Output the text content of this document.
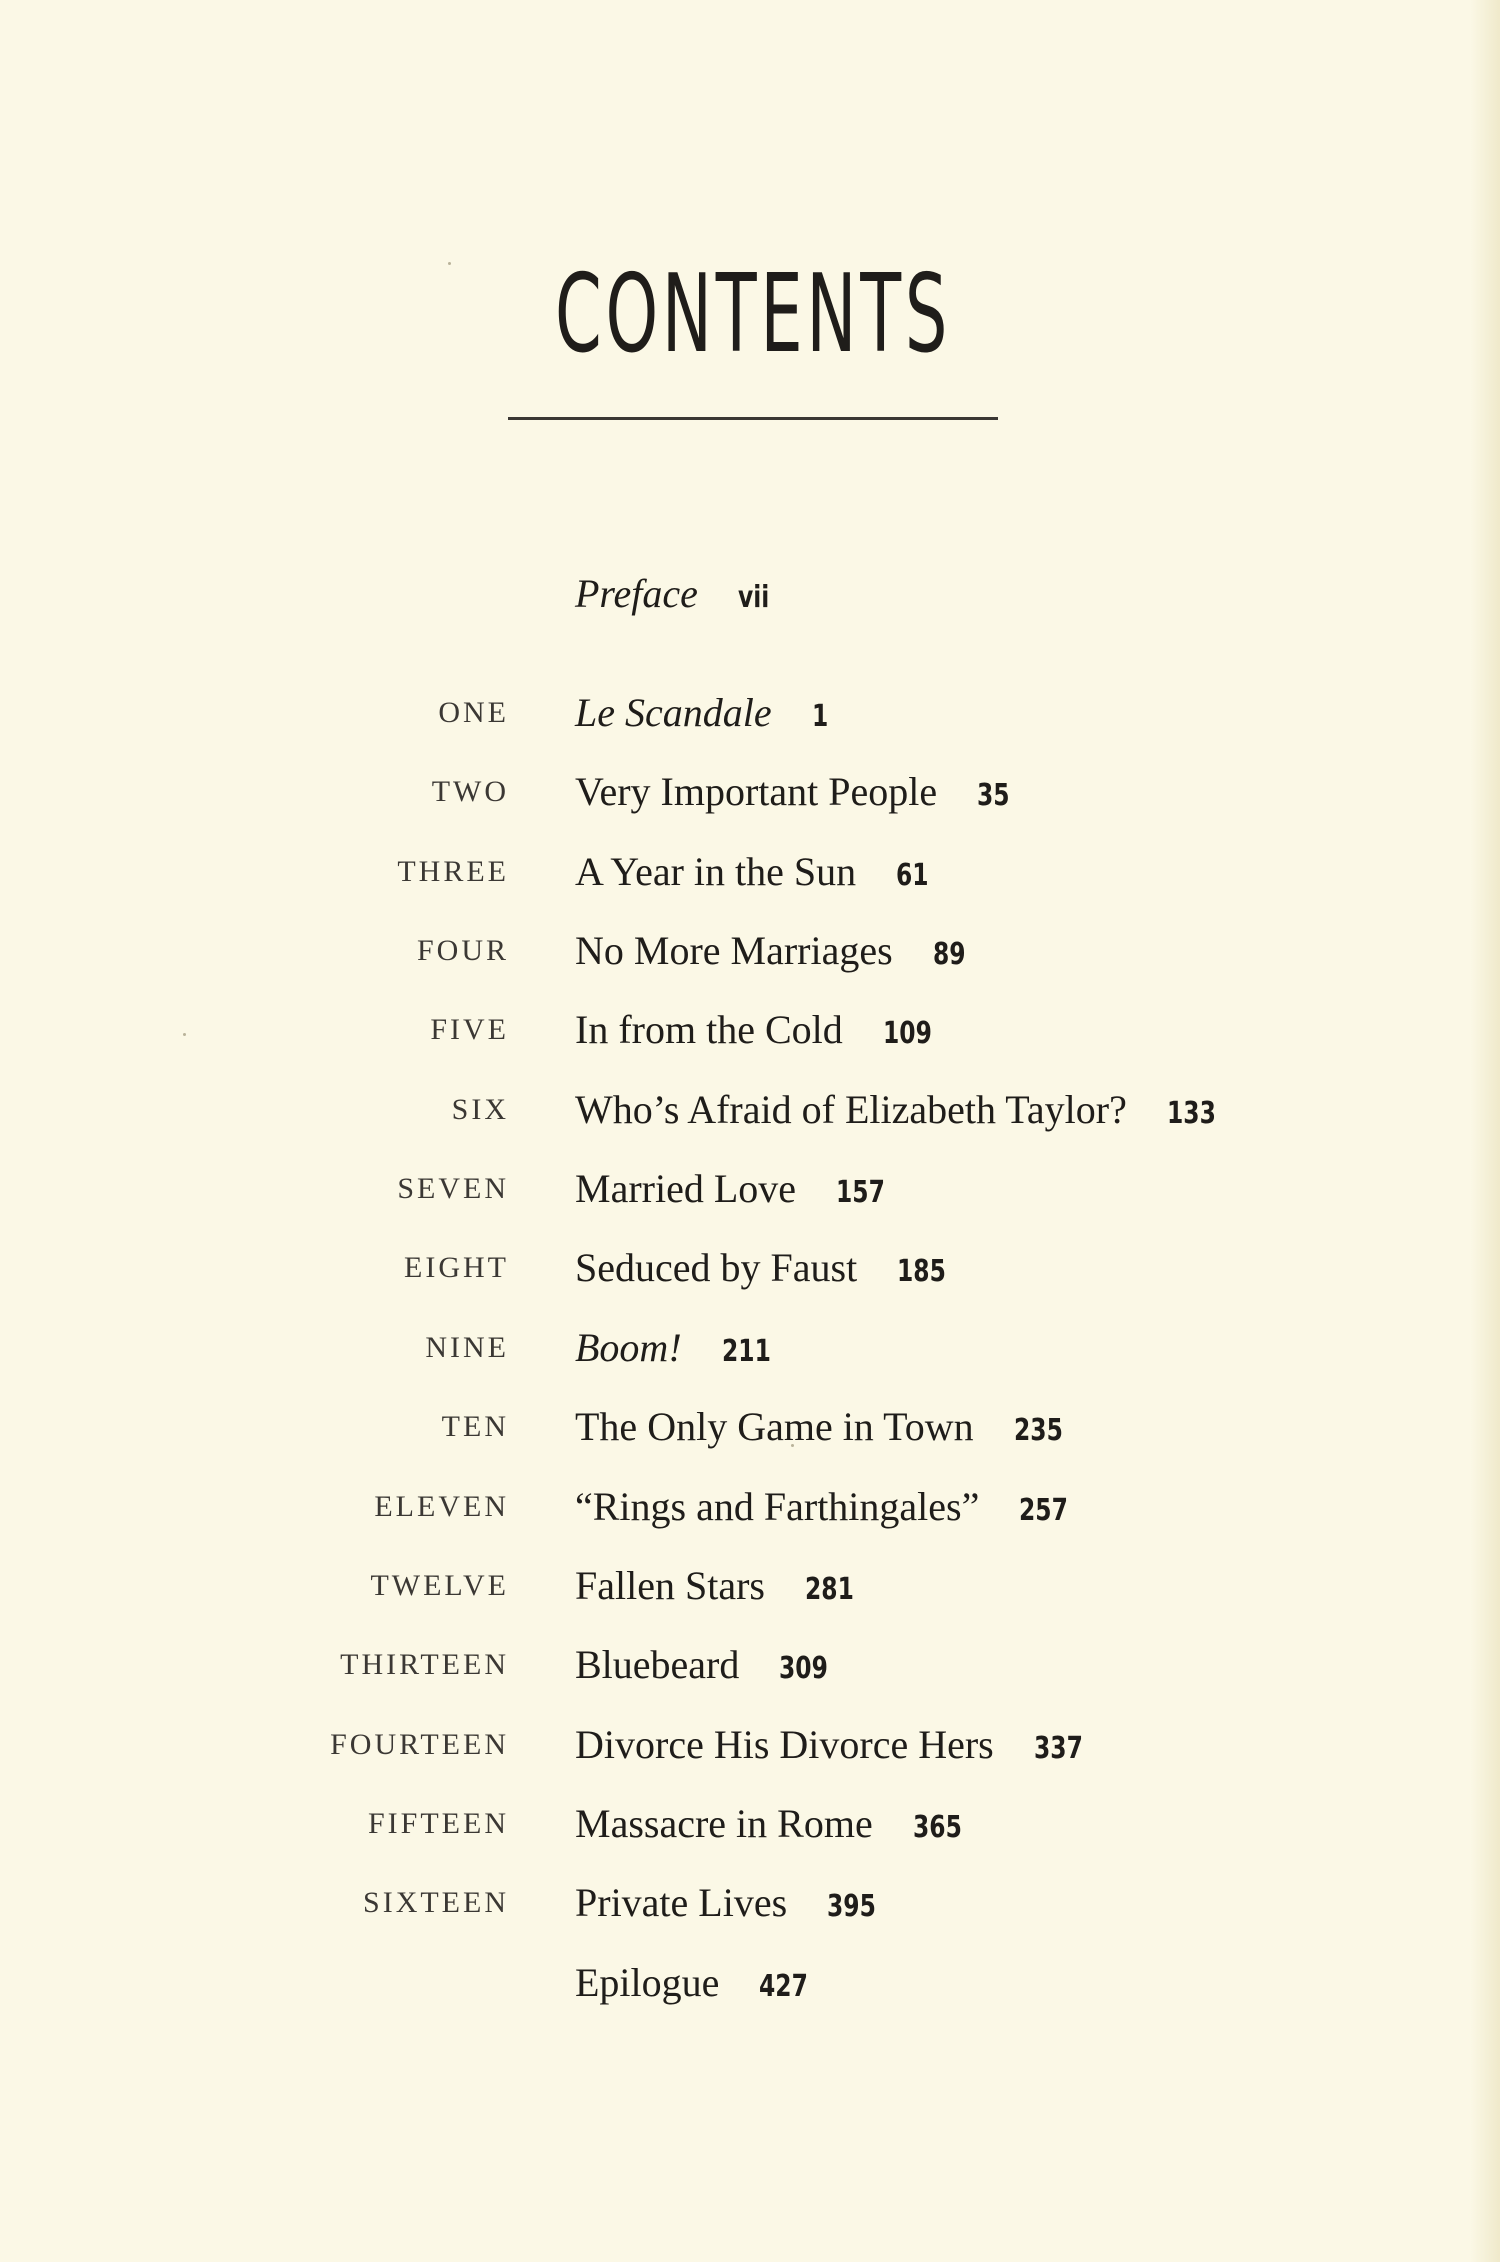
CONTENTS
Preface vii
ONE Le Scandale 1
TWO Very Important People 35
THREE A Year in the Sun 61
FOUR No More Marriages 89
FIVE In from the Cold 109
SIX Who’s Afraid of Elizabeth Taylor? 133
SEVEN Married Love 157
EIGHT Seduced by Faust 185
NINE Boom! 211
TEN The Only Game in Town 235
ELEVEN “Rings and Farthingales” 257
TWELVE Fallen Stars 281
THIRTEEN Bluebeard 309
FOURTEEN Divorce His Divorce Hers 337
FIFTEEN Massacre in Rome 365
SIXTEEN Private Lives 395
Epilogue 427
